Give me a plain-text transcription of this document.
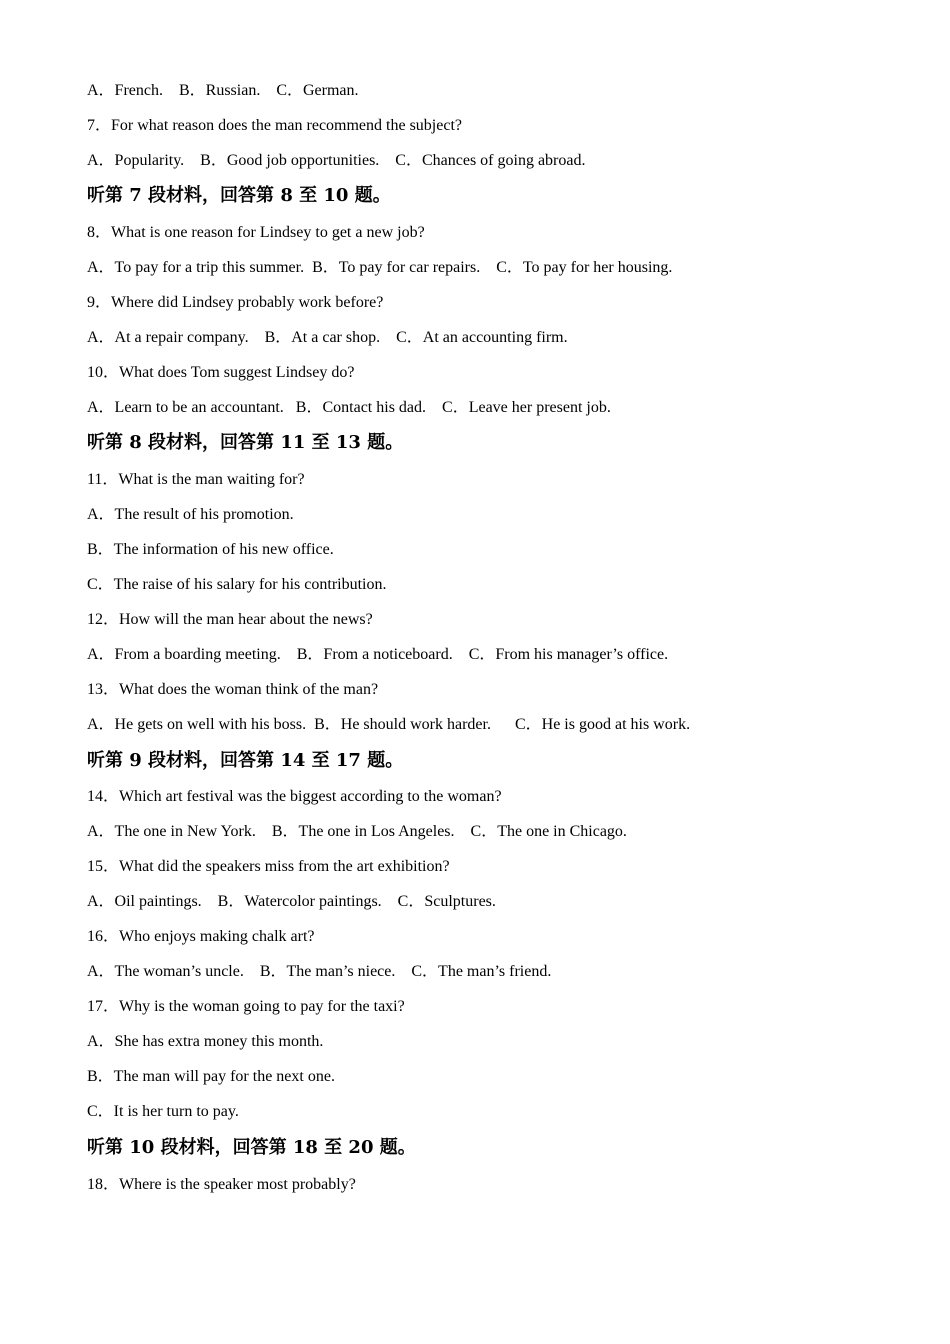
A．French.    B．Russian.    C．German.
7．For what reason does the man recommend the subject?
A．Popularity.    B．Good job opportunities.    C．Chances of going abroad.
听第 7 段材料，回答第 8 至 10 题。
8．What is one reason for Lindsey to get a new job?
A．To pay for a trip this summer.  B．To pay for car repairs.    C．To pay for her housing.
9．Where did Lindsey probably work before?
A．At a repair company.    B．At a car shop.    C．At an accounting firm.
10．What does Tom suggest Lindsey do?
A．Learn to be an accountant.   B．Contact his dad.    C．Leave her present job.
听第 8 段材料，回答第 11 至 13 题。
11．What is the man waiting for?
A．The result of his promotion.
B．The information of his new office.
C．The raise of his salary for his contribution.
12．How will the man hear about the news?
A．From a boarding meeting.    B．From a noticeboard.    C．From his manager’s office.
13．What does the woman think of the man?
A．He gets on well with his boss.  B．He should work harder.      C．He is good at his work.
听第 9 段材料，回答第 14 至 17 题。
14．Which art festival was the biggest according to the woman?
A．The one in New York.    B．The one in Los Angeles.    C．The one in Chicago.
15．What did the speakers miss from the art exhibition?
A．Oil paintings.    B．Watercolor paintings.    C．Sculptures.
16．Who enjoys making chalk art?
A．The woman’s uncle.    B．The man’s niece.    C．The man’s friend.
17．Why is the woman going to pay for the taxi?
A．She has extra money this month.
B．The man will pay for the next one.
C．It is her turn to pay.
听第 10 段材料，回答第 18 至 20 题。
18．Where is the speaker most probably?
